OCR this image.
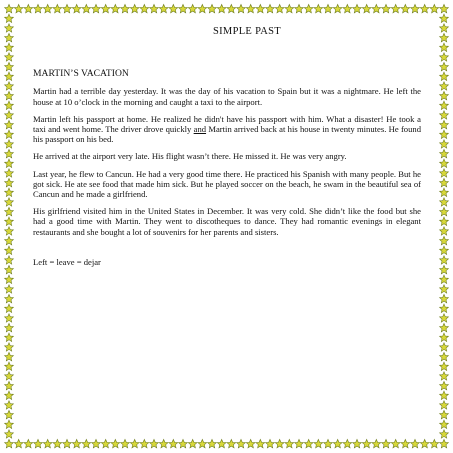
SIMPLE PAST
MARTIN’S VACATION

Martin had a terrible day yesterday. It was the day of his vacation to Spain but it was a nightmare. He left the house at 10 o’clock in the morning and caught a taxi to the airport.

Martin left his passport at home. He realized he didn't have his passport with him. What a disaster! He took a taxi and went home. The driver drove quickly and Martin arrived back at his house in twenty minutes. He found his passport on his bed.

He arrived at the airport very late. His flight wasn’t there. He missed it. He was very angry.

Last year, he flew to Cancun. He had a very good time there. He practiced his Spanish with many people. But he got sick. He ate see food that made him sick. But he played soccer on the beach, he swam in the beautiful sea of Cancun and he made a girlfriend.

His girlfriend visited him in the United States in December. It was very cold. She didn’t like the food but she had a good time with Martin. They went to discotheques to dance. They had romantic evenings in elegant restaurants and she bought a lot of souvenirs for her parents and sisters.

Left = leave = dejar
